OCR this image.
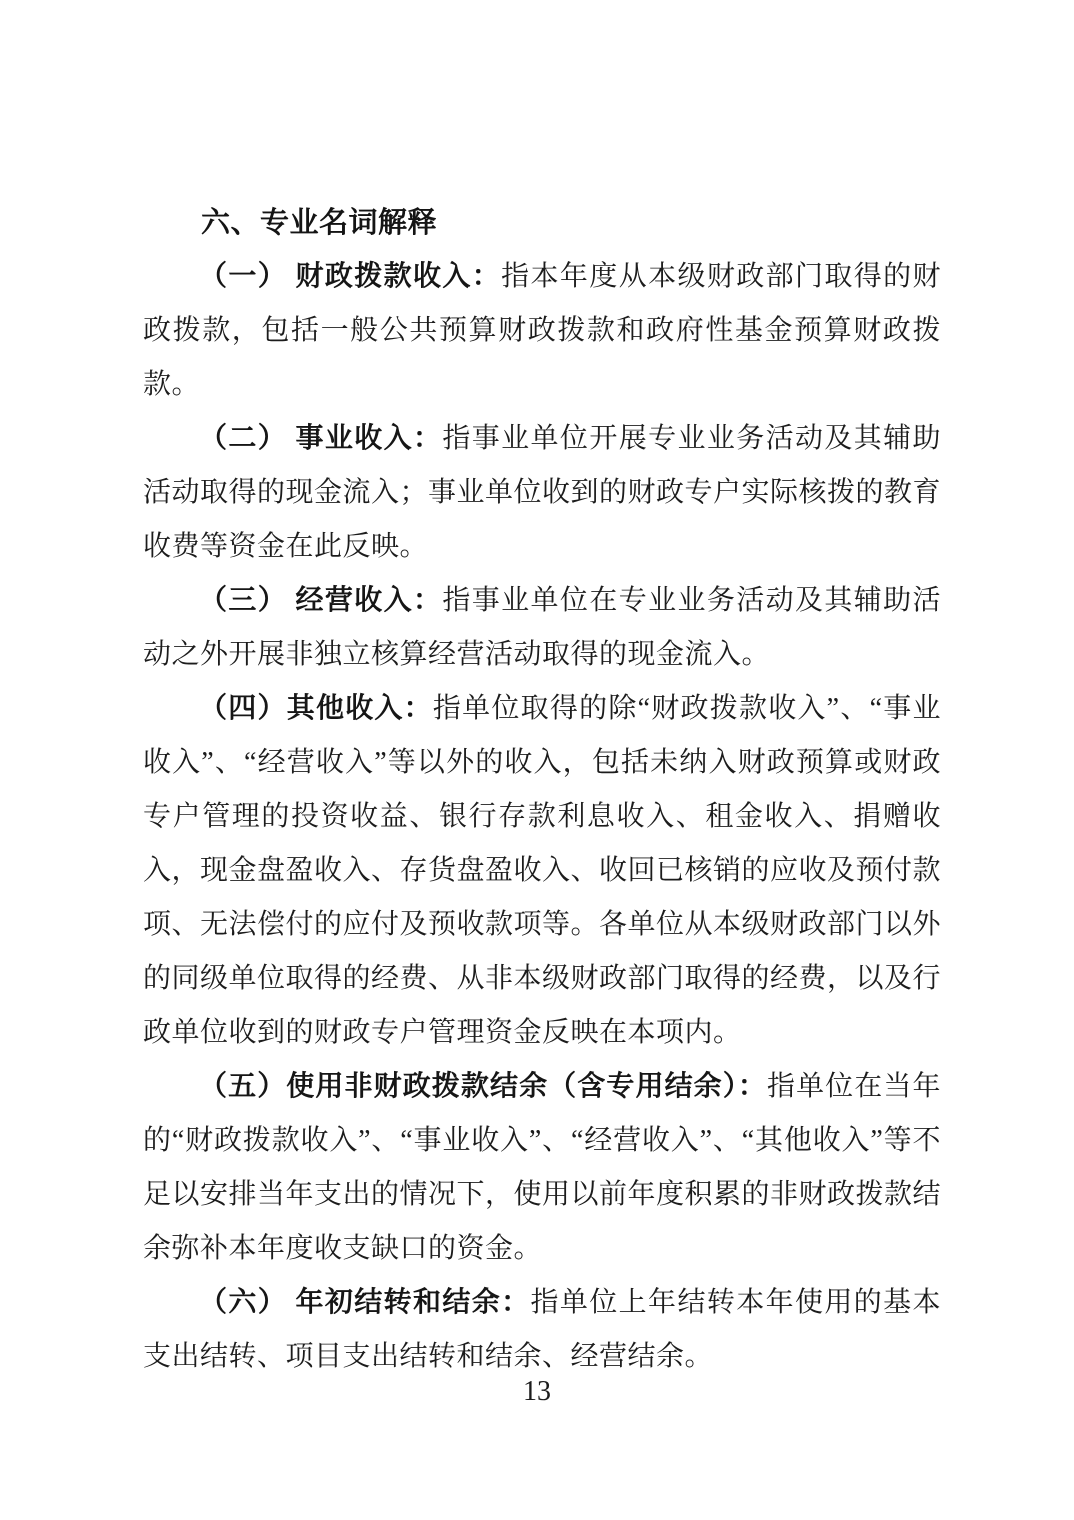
六、专业名词解释

（一） 财政拨款收入：指本年度从本级财政部门取得的财政拨款，包括一般公共预算财政拨款和政府性基金预算财政拨款。

（二） 事业收入：指事业单位开展专业业务活动及其辅助活动取得的现金流入；事业单位收到的财政专户实际核拨的教育收费等资金在此反映。

（三） 经营收入：指事业单位在专业业务活动及其辅助活动之外开展非独立核算经营活动取得的现金流入。

（四）其他收入：指单位取得的除“财政拨款收入”、“事业收入”、“经营收入”等以外的收入，包括未纳入财政预算或财政专户管理的投资收益、银行存款利息收入、租金收入、捐赠收入，现金盘盈收入、存货盘盈收入、收回已核销的应收及预付款项、无法偿付的应付及预收款项等。各单位从本级财政部门以外的同级单位取得的经费、从非本级财政部门取得的经费，以及行政单位收到的财政专户管理资金反映在本项内。

（五）使用非财政拨款结余（含专用结余）：指单位在当年的“财政拨款收入”、“事业收入”、“经营收入”、“其他收入”等不足以安排当年支出的情况下，使用以前年度积累的非财政拨款结余弥补本年度收支缺口的资金。

（六） 年初结转和结余：指单位上年结转本年使用的基本支出结转、项目支出结转和结余、经营结余。

13
